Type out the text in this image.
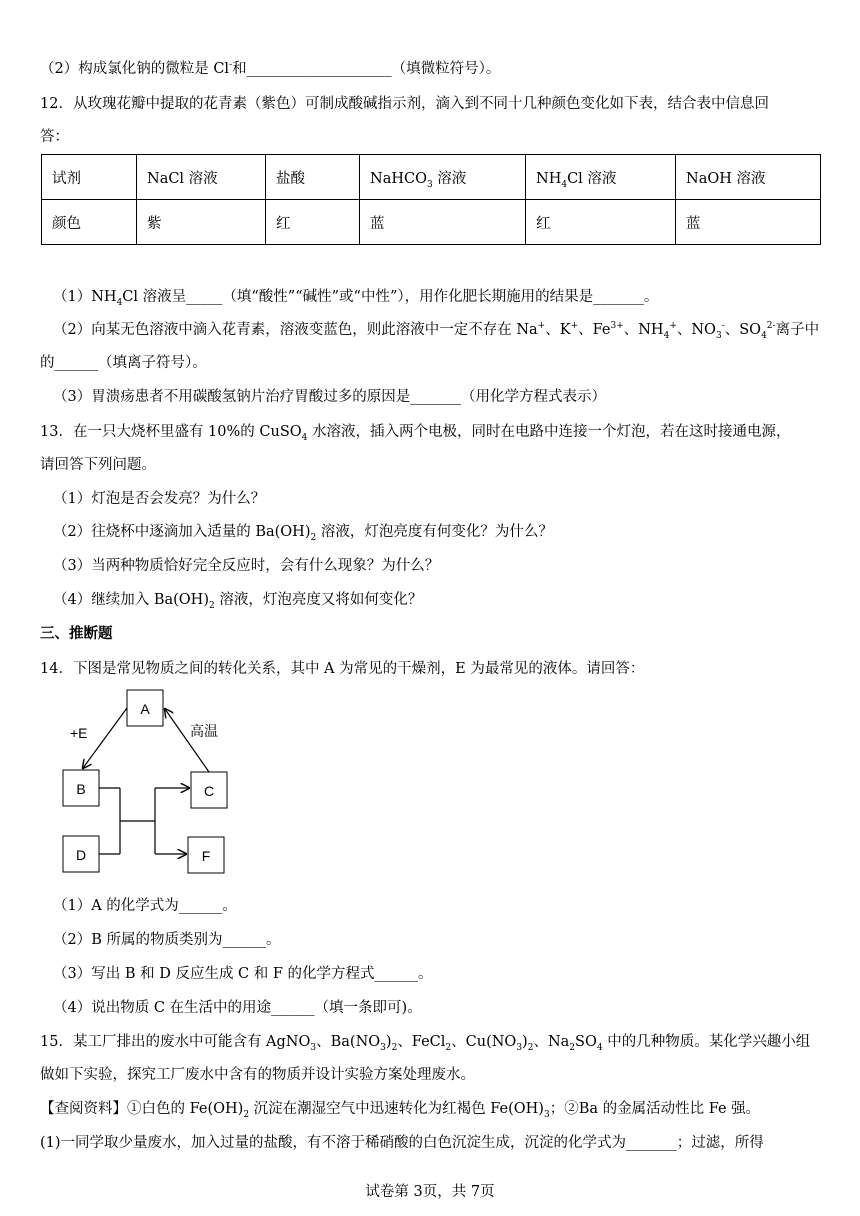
（2）构成氯化钠的微粒是 Cl-和____________________（填微粒符号）。
12．从玫瑰花瓣中提取的花青素（紫色）可制成酸碱指示剂，滴入到不同十几种颜色变化如下表，结合表中信息回
答：
试剂	NaCl 溶液	盐酸	NaHCO$_3$ 溶液	$NH_4Cl$ 溶液	NaOH 溶液
颜色	紫	红	蓝	红	蓝
$(1)NH_4Cl$ 溶液呈_____（填“酸性”“碱性”或“中性”），用作化肥长期施用的结果是_______。
（2）向某无色溶液中滴入花青素，溶液变蓝色，则此溶液中一定不存在 Na+、K+、$Fe^{3+}$、$NH_4^+$、$NO_3^-$、$SO_4^{2-}$离子中
的______（填离子符号）。
（3）胃溃疡患者不用碳酸氢钠片治疗胃酸过多的原因是_______（用化学方程式表示）
13．在一只大烧杯里盛有 10%的 CuSO$_4$ 水溶液，插入两个电极，同时在电路中连接一个灯泡，若在这时接通电源，
请回答下列问题。
（1）灯泡是否会发亮？为什么？
（2）往烧杯中逐滴加入适量的 $Ba(OH)_2$ 溶液，灯泡亮度有何变化？为什么？
（3）当两种物质恰好完全反应时，会有什么现象？为什么？
（4）继续加入 $Ba(OH)_2$ 溶液，灯泡亮度又将如何变化？
三、推断题
14．下图是常见物质之间的转化关系，其中 A 为常见的干燥剂，E 为最常见的液体。请回答：
A
B	C
D	F
+E	高温
（1）A 的化学式为______。
（2）B 所属的物质类别为______。
（3）写出 B 和 D 反应生成 C 和 F 的化学方程式______。
（4）说出物质 C 在生活中的用途______（填一条即可)。
15．某工厂排出的废水中可能含有 AgNO$_3$、$Ba(NO_3)_2$、FeCl$_2$、$Cu(NO_3)_2$、$Na_2SO_4$ 中的几种物质。某化学兴趣小组
做如下实验，探究工厂废水中含有的物质并设计实验方案处理废水。
【查阅资料】①白色的 $Fe(OH)_2$ 沉淀在潮湿空气中迅速转化为红褐色 $Fe(OH)_3$；②Ba 的金属活动性比 Fe 强。
(1)一同学取少量废水，加入过量的盐酸，有不溶于稀硝酸的白色沉淀生成，沉淀的化学式为_______；过滤，所得
试卷第 3页，共 7页
